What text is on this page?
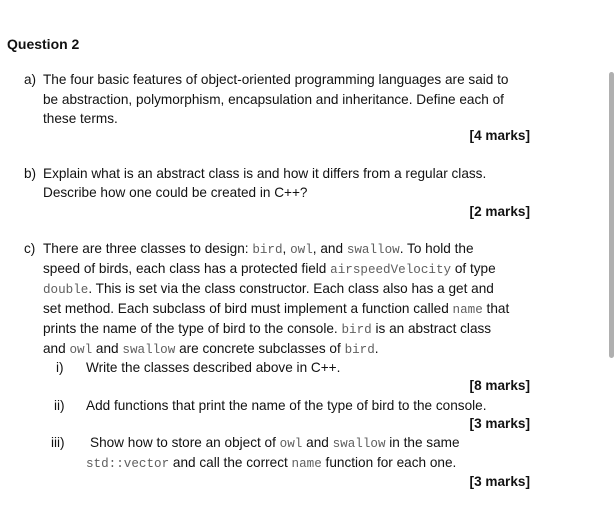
Question 2
a) The four basic features of object-oriented programming languages are said to
be abstraction, polymorphism, encapsulation and inheritance. Define each of
these terms.
[4 marks]
b) Explain what is an abstract class is and how it differs from a regular class.
Describe how one could be created in C++?
[2 marks]
c) There are three classes to design: bird, owl, and swallow. To hold the
speed of birds, each class has a protected field airspeedVelocity of type
double. This is set via the class constructor. Each class also has a get and
set method. Each subclass of bird must implement a function called name that
prints the name of the type of bird to the console. bird is an abstract class
and owl and swallow are concrete subclasses of bird.
i) Write the classes described above in C++.
[8 marks]
ii) Add functions that print the name of the type of bird to the console.
[3 marks]
iii) Show how to store an object of owl and swallow in the same
std::vector and call the correct name function for each one.
[3 marks]
